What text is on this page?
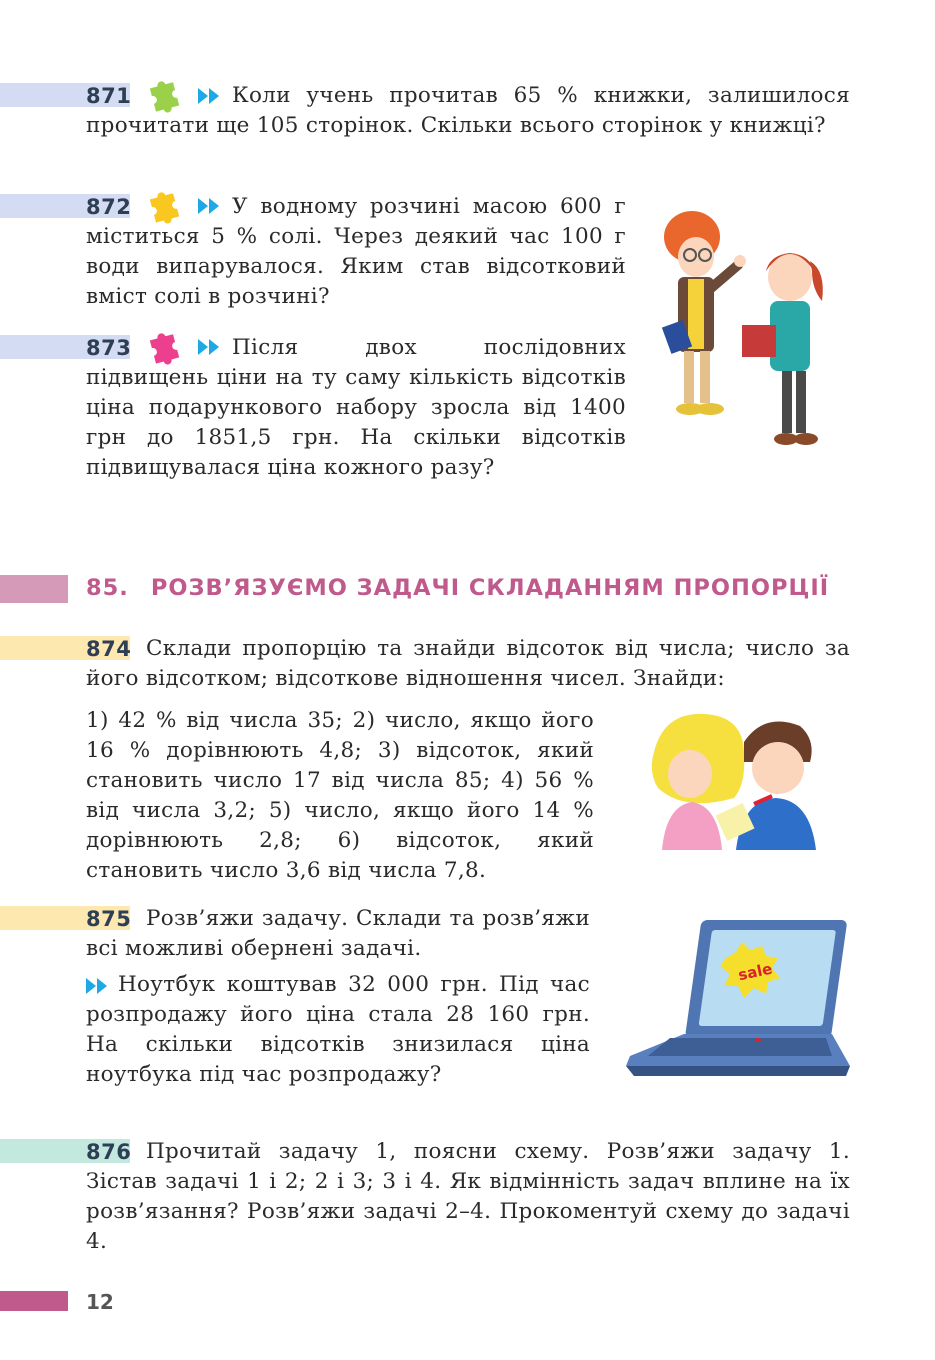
871	Коли учень прочитав 65 % книжки, залишилося прочитати ще 105 сторінок. Скільки всього сторінок у книжці?
872	У водному розчині масою 600 г міститься 5 % солі. Через деякий час 100 г води випарувалося. Яким став відсотковий вміст солі в розчині?
873	Після двох послідовних підвищень ціни на ту саму кількість відсотків ціна подарункового набору зросла від 1400 грн до 1851,5 грн. На скільки відсотків підвищувалася ціна кожного разу?
85. РОЗВ’ЯЗУЄМО ЗАДАЧІ СКЛАДАННЯМ ПРОПОРЦІЇ
874 Склади пропорцію та знайди відсоток від числа; число за його відсотком; відсоткове відношення чисел. Знайди:
1) 42 % від числа 35; 2) число, якщо його 16 % дорівнюють 4,8; 3) відсоток, який становить число 17 від числа 85; 4) 56 % від числа 3,2; 5) число, якщо його 14 % дорівнюють 2,8; 6) відсоток, який становить число 3,6 від числа 7,8.
875 Розв’яжи задачу. Склади та розв’яжи всі можливі обернені задачі.
Ноутбук коштував 32 000 грн. Під час розпродажу його ціна стала 28 160 грн. На скільки відсотків знизилася ціна ноутбука під час розпродажу?
sale
876 Прочитай задачу 1, поясни схему. Розв’яжи задачу 1. Зістав задачі 1 і 2; 2 і 3; 3 і 4. Як відмінність задач вплине на їх розв’язання? Розв’яжи задачі 2–4. Прокоментуй схему до задачі 4.
12
